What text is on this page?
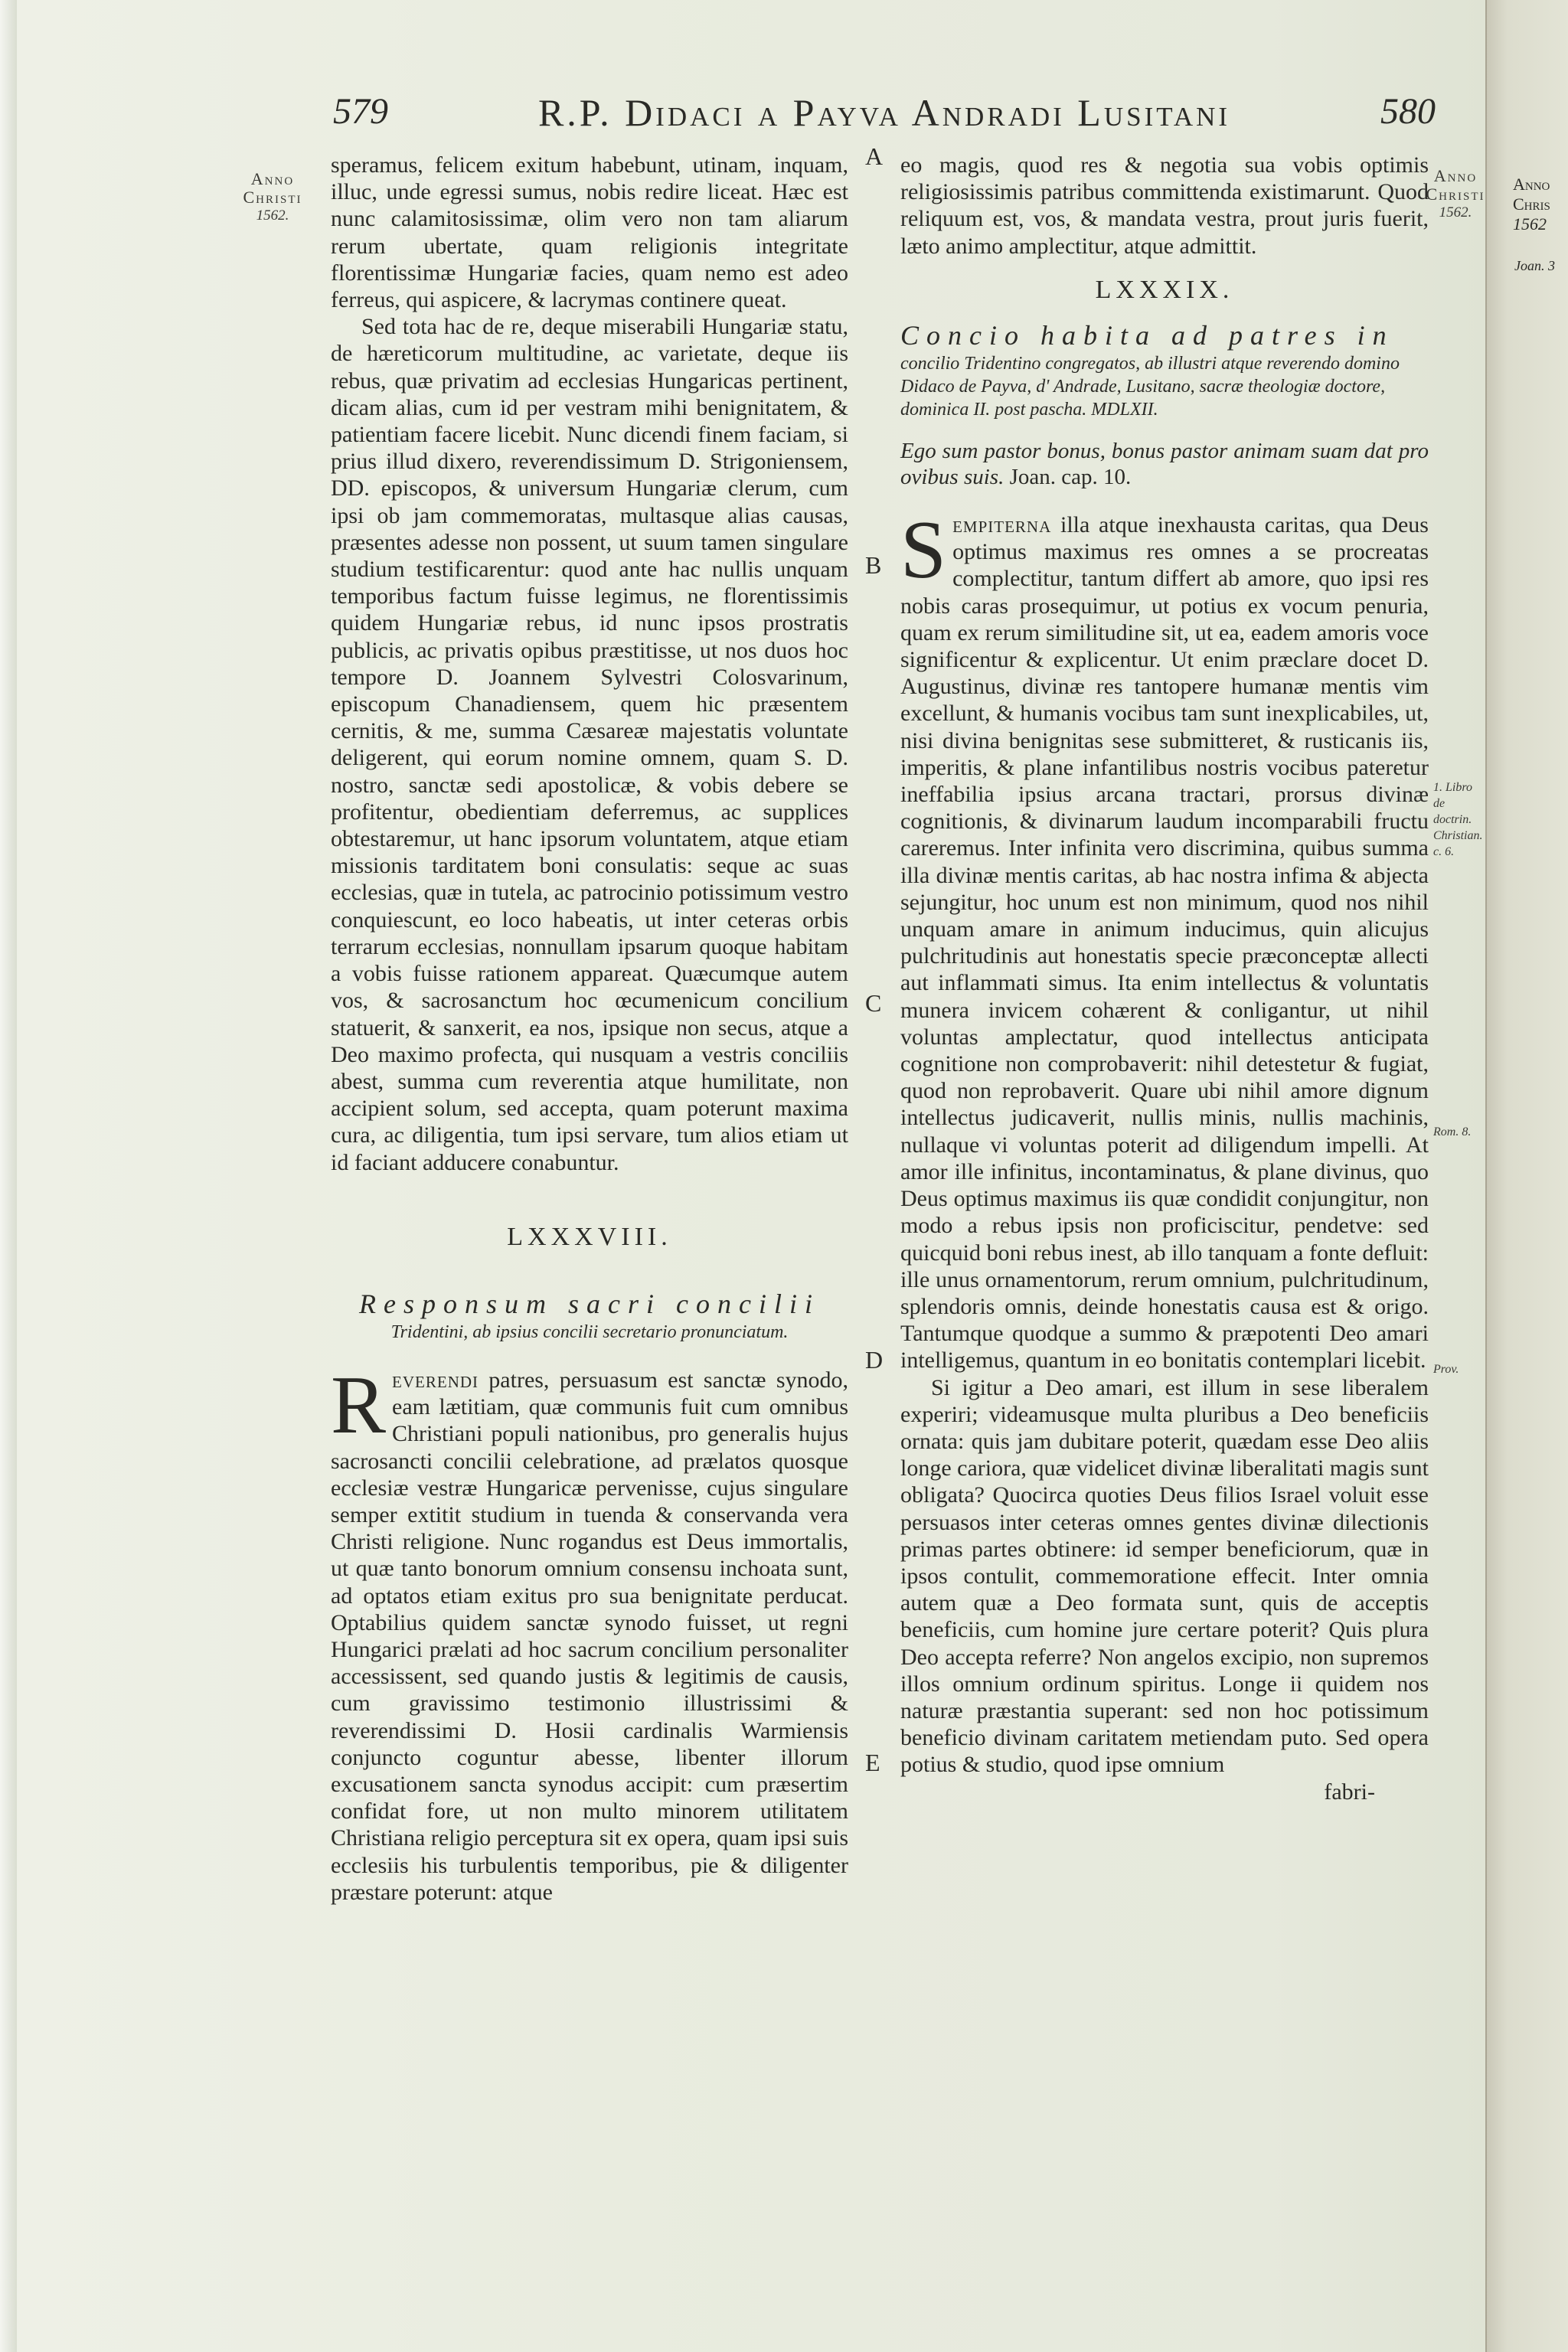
579	R.P. Didaci a Payva Andradi Lusitani	580
Anno
Christi
1562.
Anno
Christi
1562.
A
B
C
D
E

speramus, felicem exitum habebunt, utinam, inquam, illuc, unde egressi sumus, nobis redire liceat. Hæc est nunc calamitosissimæ, olim vero non tam aliarum rerum ubertate, quam religionis integritate florentissimæ Hungariæ facies, quam nemo est adeo ferreus, qui aspicere, & lacrymas continere queat.

Sed tota hac de re, deque miserabili Hungariæ statu, de hæreticorum multitudine, ac varietate, deque iis rebus, quæ privatim ad ecclesias Hungaricas pertinent, dicam alias, cum id per vestram mihi benignitatem, & patientiam facere licebit. Nunc dicendi finem faciam, si prius illud dixero, reverendissimum D. Strigoniensem, DD. episcopos, & universum Hungariæ clerum, cum ipsi ob jam commemoratas, multasque alias causas, præsentes adesse non possent, ut suum tamen singulare studium testificarentur: quod ante hac nullis unquam temporibus factum fuisse legimus, ne florentissimis quidem Hungariæ rebus, id nunc ipsos prostratis publicis, ac privatis opibus præstitisse, ut nos duos hoc tempore D. Joannem Sylvestri Colosvarinum, episcopum Chanadiensem, quem hic præsentem cernitis, & me, summa Cæsareæ majestatis voluntate deligerent, qui eorum nomine omnem, quam S. D. nostro, sanctæ sedi apostolicæ, & vobis debere se profitentur, obedientiam deferremus, ac supplices obtestaremur, ut hanc ipsorum voluntatem, atque etiam missionis tarditatem boni consulatis: seque ac suas ecclesias, quæ in tutela, ac patrocinio potissimum vestro conquiescunt, eo loco habeatis, ut inter ceteras orbis terrarum ecclesias, nonnullam ipsarum quoque habitam a vobis fuisse rationem appareat. Quæcumque autem vos, & sacrosanctum hoc œcumenicum concilium statuerit, & sanxerit, ea nos, ipsique non secus, atque a Deo maximo profecta, qui nusquam a vestris conciliis abest, summa cum reverentia atque humilitate, non accipient solum, sed accepta, quam poterunt maxima cura, ac diligentia, tum ipsi servare, tum alios etiam ut id faciant adducere conabuntur.

LXXXVIII.
Responsum sacri concilii
Tridentini, ab ipsius concilii secretario pronunciatum.

Reverendi patres, persuasum est sanctæ synodo, eam lætitiam, quæ communis fuit cum omnibus Christiani populi nationibus, pro generalis hujus sacrosancti concilii celebratione, ad prælatos quosque ecclesiæ vestræ Hungaricæ pervenisse, cujus singulare semper extitit studium in tuenda & conservanda vera Christi religione. Nunc rogandus est Deus immortalis, ut quæ tanto bonorum omnium consensu inchoata sunt, ad optatos etiam exitus pro sua benignitate perducat. Optabilius quidem sanctæ synodo fuisset, ut regni Hungarici prælati ad hoc sacrum concilium personaliter accessissent, sed quando justis & legitimis de causis, cum gravissimo testimonio illustrissimi & reverendissimi D. Hosii cardinalis Warmiensis conjuncto coguntur abesse, libenter illorum excusationem sancta synodus accipit: cum præsertim confidat fore, ut non multo minorem utilitatem Christiana religio perceptura sit ex opera, quam ipsi suis ecclesiis his turbulentis temporibus, pie & diligenter præstare poterunt: atque

eo magis, quod res & negotia sua vobis optimis religiosissimis patribus committenda existimarunt. Quod reliquum est, vos, & mandata vestra, prout juris fuerit, læto animo amplectitur, atque admittit.

LXXXIX.
Concio habita ad patres in
concilio Tridentino congregatos, ab illustri atque reverendo domino Didaco de Payva, d' Andrade, Lusitano, sacræ theologiæ doctore, dominica II. post pascha. MDLXII.
Ego sum pastor bonus, bonus pastor animam suam dat pro ovibus suis. Joan. cap. 10.

Sempiterna illa atque inexhausta caritas, qua Deus optimus maximus res omnes a se procreatas complectitur, tantum differt ab amore, quo ipsi res nobis caras prosequimur, ut potius ex vocum penuria, quam ex rerum similitudine sit, ut ea, eadem amoris voce significentur & explicentur. Ut enim præclare docet D. Augustinus, divinæ res tantopere humanæ mentis vim excellunt, & humanis vocibus tam sunt inexplicabiles, ut, nisi divina benignitas sese submitteret, & rusticanis iis, imperitis, & plane infantilibus nostris vocibus pateretur ineffabilia ipsius arcana tractari, prorsus divinæ cognitionis, & divinarum laudum incomparabili fructu careremus. Inter infinita vero discrimina, quibus summa illa divinæ mentis caritas, ab hac nostra infima & abjecta sejungitur, hoc unum est non minimum, quod nos nihil unquam amare in animum inducimus, quin alicujus pulchritudinis aut honestatis specie præconceptæ allecti aut inflammati simus. Ita enim intellectus & voluntatis munera invicem cohærent & conligantur, ut nihil voluntas amplectatur, quod intellectus anticipata cognitione non comprobaverit: nihil detestetur & fugiat, quod non reprobaverit. Quare ubi nihil amore dignum intellectus judicaverit, nullis minis, nullis machinis, nullaque vi voluntas poterit ad diligendum impelli. At amor ille infinitus, incontaminatus, & plane divinus, quo Deus optimus maximus iis quæ condidit conjungitur, non modo a rebus ipsis non proficiscitur, pendetve: sed quicquid boni rebus inest, ab illo tanquam a fonte defluit: ille unus ornamentorum, rerum omnium, pulchritudinum, splendoris omnis, deinde honestatis causa est & origo. Tantumque quodque a summo & præpotenti Deo amari intelligemus, quantum in eo bonitatis contemplari licebit.

Si igitur a Deo amari, est illum in sese liberalem experiri; videamusque multa pluribus a Deo beneficiis ornata: quis jam dubitare poterit, quædam esse Deo aliis longe cariora, quæ videlicet divinæ liberalitati magis sunt obligata? Quocirca quoties Deus filios Israel voluit esse persuasos inter ceteras omnes gentes divinæ dilectionis primas partes obtinere: id semper beneficiorum, quæ in ipsos contulit, commemoratione effecit. Inter omnia autem quæ a Deo formata sunt, quis de acceptis beneficiis, cum homine jure certare poterit? Quis plura Deo accepta referre? Non angelos excipio, non supremos illos omnium ordinum spiritus. Longe ii quidem nos naturæ præstantia superant: sed non hoc potissimum beneficio divinam caritatem metiendam puto. Sed opera potius & studio, quod ipse omnium

fabri-
1. Libro de doctrin. Christian. c. 6.
Rom. 8.
Prov.
Anno
Chris
1562
Joan. 3
